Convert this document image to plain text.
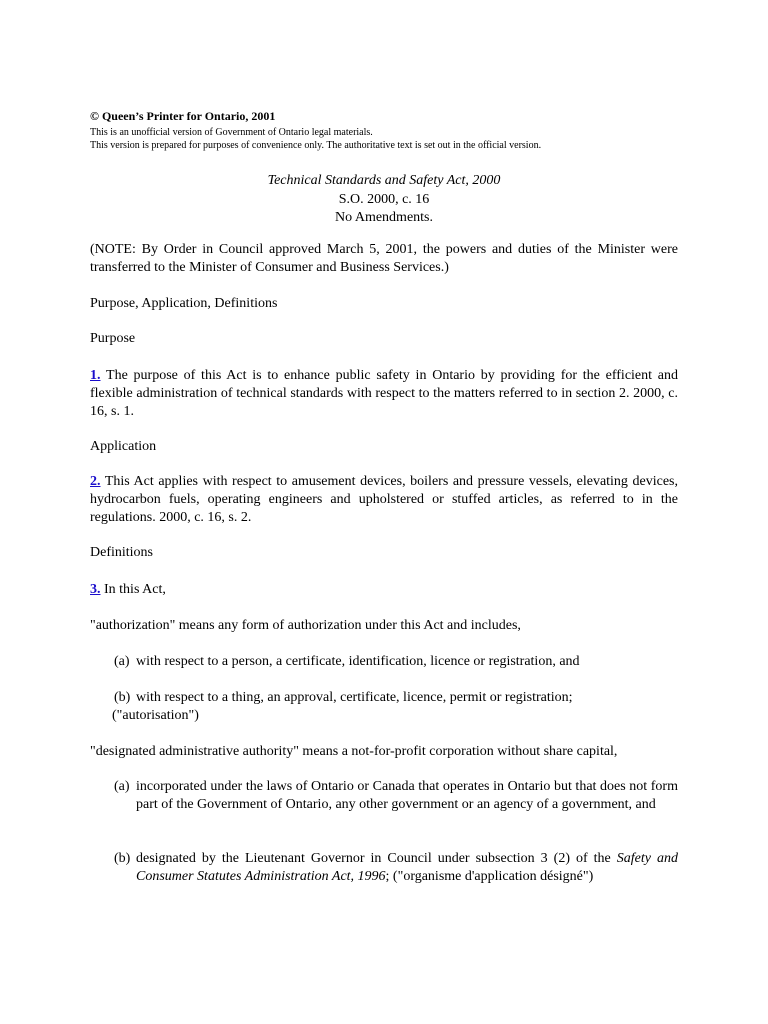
© Queen’s Printer for Ontario, 2001
This is an unofficial version of Government of Ontario legal materials.
This version is prepared for purposes of convenience only. The authoritative text is set out in the official version.
Technical Standards and Safety Act, 2000
S.O. 2000, c. 16
No Amendments.
(NOTE: By Order in Council approved March 5, 2001, the powers and duties of the Minister were transferred to the Minister of Consumer and Business Services.)
Purpose, Application, Definitions
Purpose
1. The purpose of this Act is to enhance public safety in Ontario by providing for the efficient and flexible administration of technical standards with respect to the matters referred to in section 2. 2000, c. 16, s. 1.
Application
2. This Act applies with respect to amusement devices, boilers and pressure vessels, elevating devices, hydrocarbon fuels, operating engineers and upholstered or stuffed articles, as referred to in the regulations. 2000, c. 16, s. 2.
Definitions
3. In this Act,
"authorization" means any form of authorization under this Act and includes,
(a) with respect to a person, a certificate, identification, licence or registration, and
(b) with respect to a thing, an approval, certificate, licence, permit or registration;
("autorisation")
"designated administrative authority" means a not-for-profit corporation without share capital,
(a) incorporated under the laws of Ontario or Canada that operates in Ontario but that does not form part of the Government of Ontario, any other government or an agency of a government, and
(b) designated by the Lieutenant Governor in Council under subsection 3 (2) of the Safety and Consumer Statutes Administration Act, 1996; ("organisme d'application désigné")
